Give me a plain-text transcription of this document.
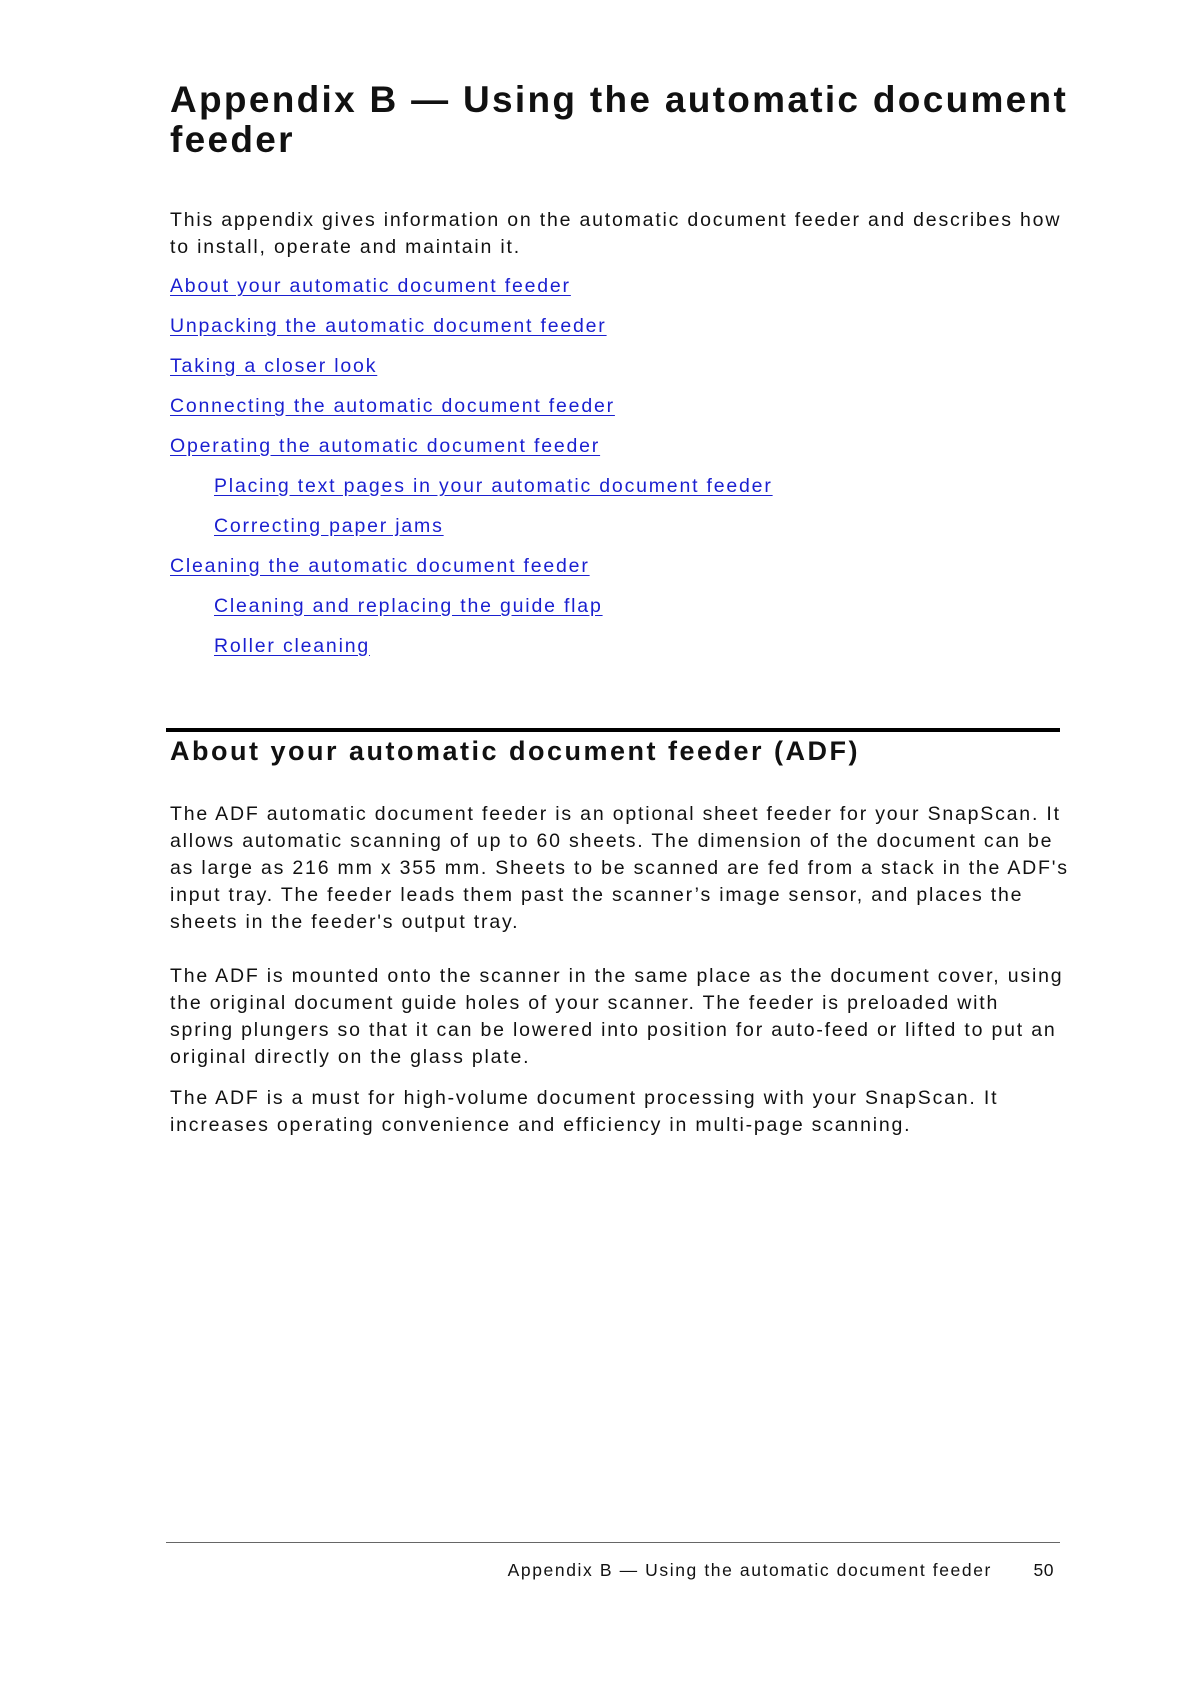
Appendix B — Using the automatic document feeder

This appendix gives information on the automatic document feeder and describes how to install, operate and maintain it.

About your automatic document feeder
Unpacking the automatic document feeder
Taking a closer look
Connecting the automatic document feeder
Operating the automatic document feeder
Placing text pages in your automatic document feeder
Correcting paper jams
Cleaning the automatic document feeder
Cleaning and replacing the guide flap
Roller cleaning
About your automatic document feeder (ADF)

The ADF automatic document feeder is an optional sheet feeder for your SnapScan. It allows automatic scanning of up to 60 sheets. The dimension of the document can be as large as 216 mm x 355 mm. Sheets to be scanned are fed from a stack in the ADF's input tray. The feeder leads them past the scanner’s image sensor, and places the sheets in the feeder's output tray.

The ADF is mounted onto the scanner in the same place as the document cover, using the original document guide holes of your scanner. The feeder is preloaded with spring plungers so that it can be lowered into position for auto-feed or lifted to put an original directly on the glass plate.

The ADF is a must for high-volume document processing with your SnapScan. It increases operating convenience and efficiency in multi-page scanning.

Appendix B — Using the automatic document feeder 50
